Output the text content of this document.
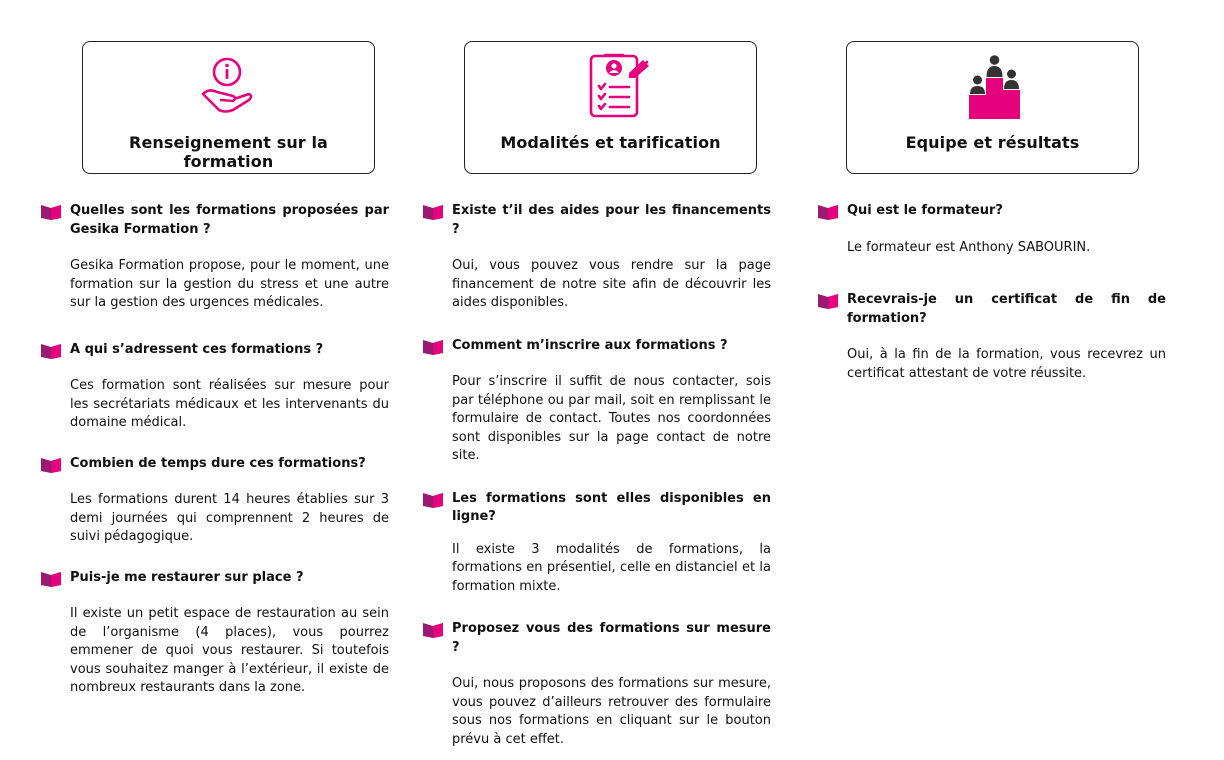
Renseignement sur la formation
Modalités et tarification	Equipe et résultats
Quelles sont les formations proposées par Gesika Formation ?
Gesika Formation propose, pour le moment, une formation sur la gestion du stress et une autre sur la gestion des urgences médicales.
A qui s’adressent ces formations ?
Ces formation sont réalisées sur mesure pour les secrétariats médicaux et les intervenants du domaine médical.
Combien de temps dure ces formations?
Les formations durent 14 heures établies sur 3 demi journées qui comprennent 2 heures de suivi pédagogique.
Puis-je me restaurer sur place ?
Il existe un petit espace de restauration au sein de l’organisme (4 places), vous pourrez emmener de quoi vous restaurer. Si toutefois vous souhaitez manger à l’extérieur, il existe de nombreux restaurants dans la zone.
Existe t’il des aides pour les financements ?
Oui, vous pouvez vous rendre sur la page financement de notre site afin de découvrir les aides disponibles.
Comment m’inscrire aux formations ?
Pour s’inscrire il suffit de nous contacter, sois par téléphone ou par mail, soit en remplissant le formulaire de contact. Toutes nos coordonnées sont disponibles sur la page contact de notre site.
Les formations sont elles disponibles en ligne?
Il existe 3 modalités de formations, la formations en présentiel, celle en distanciel et la formation mixte.
Proposez vous des formations sur mesure ?
Oui, nous proposons des formations sur mesure, vous pouvez d’ailleurs retrouver des formulaire sous nos formations en cliquant sur le bouton prévu à cet effet.
Qui est le formateur?
Le formateur est Anthony SABOURIN.
Recevrais-je un certificat de fin de formation?
Oui, à la fin de la formation, vous recevrez un certificat attestant de votre réussite.
